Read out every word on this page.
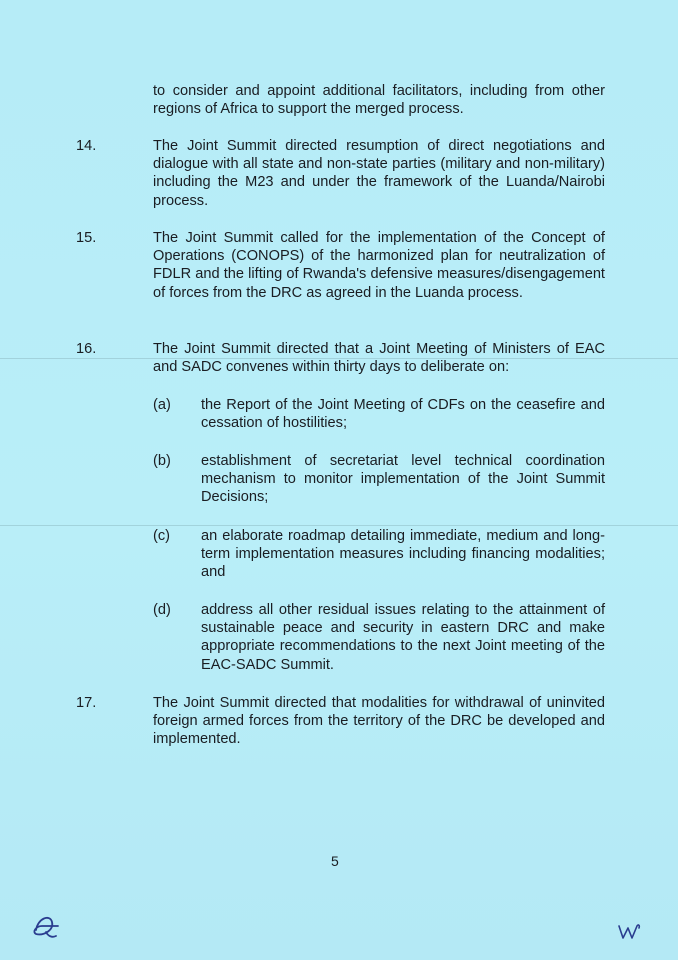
to consider and appoint additional facilitators, including from other regions of Africa to support the merged process.
14.	The Joint Summit directed resumption of direct negotiations and dialogue with all state and non-state parties (military and non-military) including the M23 and under the framework of the Luanda/Nairobi process.
15.	The Joint Summit called for the implementation of the Concept of Operations (CONOPS) of the harmonized plan for neutralization of FDLR and the lifting of Rwanda's defensive measures/disengagement of forces from the DRC as agreed in the Luanda process.
16.	The Joint Summit directed that a Joint Meeting of Ministers of EAC and SADC convenes within thirty days to deliberate on:
(a) the Report of the Joint Meeting of CDFs on the ceasefire and cessation of hostilities;
(b) establishment of secretariat level technical coordination mechanism to monitor implementation of the Joint Summit Decisions;
(c) an elaborate roadmap detailing immediate, medium and long-term implementation measures including financing modalities; and
(d) address all other residual issues relating to the attainment of sustainable peace and security in eastern DRC and make appropriate recommendations to the next Joint meeting of the EAC-SADC Summit.
17.	The Joint Summit directed that modalities for withdrawal of uninvited foreign armed forces from the territory of the DRC be developed and implemented.
5
